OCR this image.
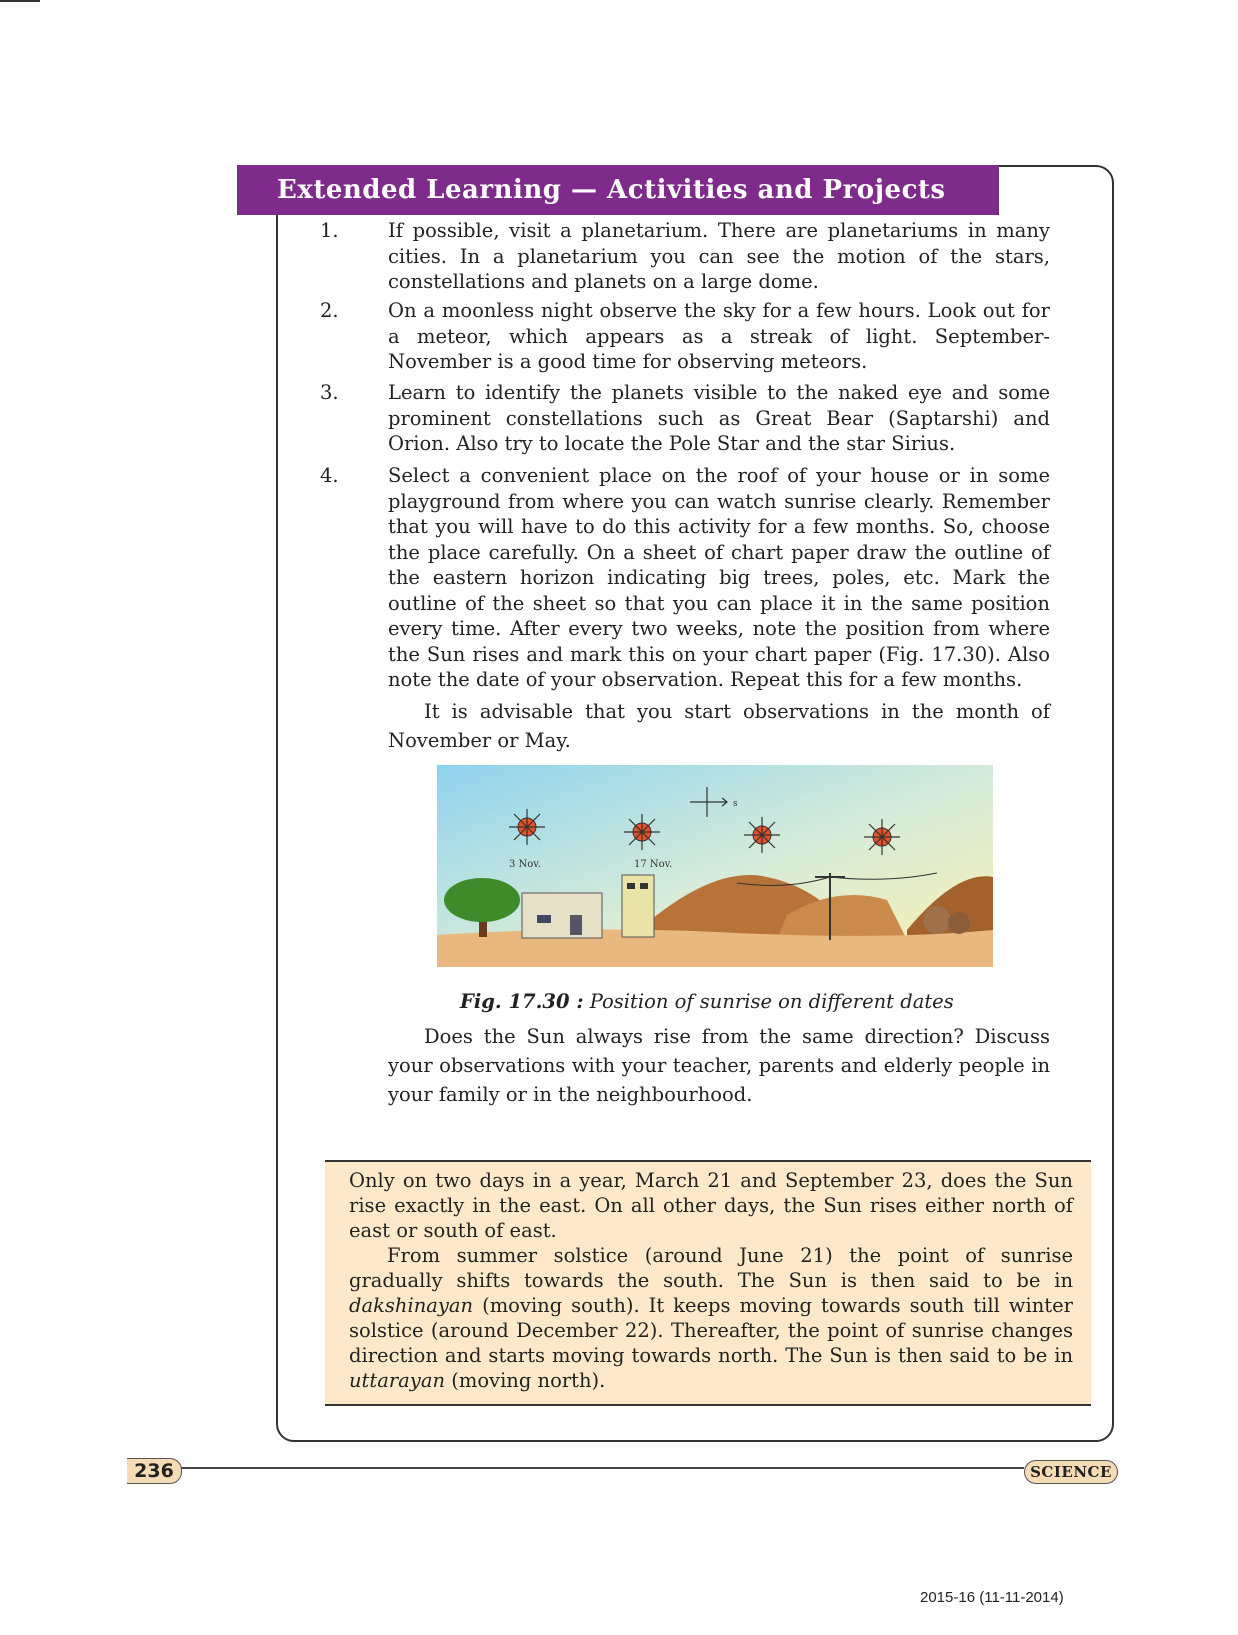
Extended Learning — Activities and Projects
1.	If possible, visit a planetarium. There are planetariums in many cities. In a planetarium you can see the motion of the stars, constellations and planets on a large dome.
2.	On a moonless night observe the sky for a few hours. Look out for a meteor, which appears as a streak of light. September-November is a good time for observing meteors.
3.	Learn to identify the planets visible to the naked eye and some prominent constellations such as Great Bear (Saptarshi) and Orion. Also try to locate the Pole Star and the star Sirius.
4.	Select a convenient place on the roof of your house or in some playground from where you can watch sunrise clearly. Remember that you will have to do this activity for a few months. So, choose the place carefully. On a sheet of chart paper draw the outline of the eastern horizon indicating big trees, poles, etc. Mark the outline of the sheet so that you can place it in the same position every time. After every two weeks, note the position from where the Sun rises and mark this on your chart paper (Fig. 17.30). Also note the date of your observation. Repeat this for a few months.
It is advisable that you start observations in the month of November or May.
s
3 Nov.	17 Nov.
Fig. 17.30 : Position of sunrise on different dates
Does the Sun always rise from the same direction? Discuss your observations with your teacher, parents and elderly people in your family or in the neighbourhood.

Only on two days in a year, March 21 and September 23, does the Sun rise exactly in the east. On all other days, the Sun rises either north of east or south of east.

From summer solstice (around June 21) the point of sunrise gradually shifts towards the south. The Sun is then said to be in dakshinayan (moving south). It keeps moving towards south till winter solstice (around December 22). Thereafter, the point of sunrise changes direction and starts moving towards north. The Sun is then said to be in uttarayan (moving north).

236	SCIENCE
2015-16 (11-11-2014)
